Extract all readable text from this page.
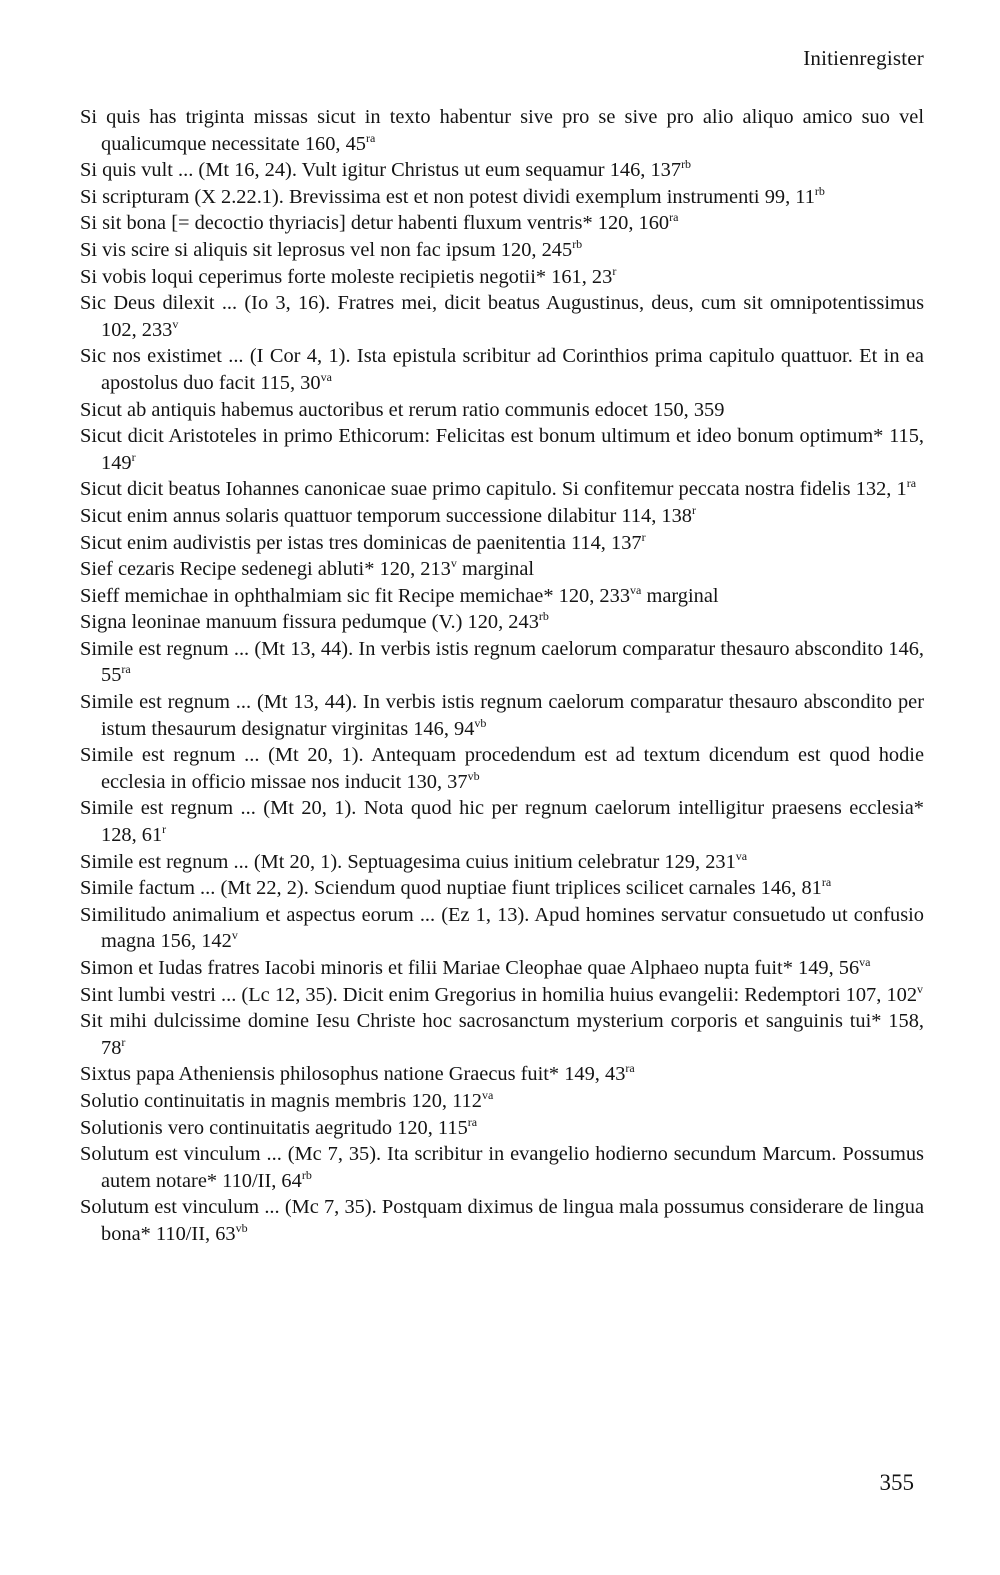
Initienregister
Si quis has triginta missas sicut in texto habentur sive pro se sive pro alio aliquo amico suo vel qualicumque necessitate 160, $45^{ra}$
Si quis vult ... (Mt 16, 24). Vult igitur Christus ut eum sequamur 146, $137^{rb}$
Si scripturam (X 2.22.1). Brevissima est et non potest dividi exemplum instrumenti 99, $11^{rb}$
Si sit bona [= decoctio thyriacis] detur habenti fluxum ventris* 120, $160^{ra}$
Si vis scire si aliquis sit leprosus vel non fac ipsum 120, $245^{rb}$
Si vobis loqui ceperimus forte moleste recipietis negotii* 161, 23$^r$
Sic Deus dilexit ... (Io 3, 16). Fratres mei, dicit beatus Augustinus, deus, cum sit omnipotentissimus 102, 233$^v$
Sic nos existimet ... (I Cor 4, 1). Ista epistula scribitur ad Corinthios prima capitulo quattuor. Et in ea apostolus duo facit 115, $30^{va}$
Sicut ab antiquis habemus auctoribus et rerum ratio communis edocet 150, 359
Sicut dicit Aristoteles in primo Ethicorum: Felicitas est bonum ultimum et ideo bonum optimum* 115, 149$^r$
Sicut dicit beatus Iohannes canonicae suae primo capitulo. Si confitemur peccata nostra fidelis 132, $1^{ra}$
Sicut enim annus solaris quattuor temporum successione dilabitur 114, 138$^r$
Sicut enim audivistis per istas tres dominicas de paenitentia 114, 137$^r$
Sief cezaris Recipe sedenegi abluti* 120, 213$^v$ marginal
Sieff memichae in ophthalmiam sic fit Recipe memichae* 120, $233^{va}$ marginal
Signa leoninae manuum fissura pedumque (V.) 120, $243^{rb}$
Simile est regnum ... (Mt 13, 44). In verbis istis regnum caelorum comparatur thesauro abscondito 146, $55^{ra}$
Simile est regnum ... (Mt 13, 44). In verbis istis regnum caelorum comparatur thesauro abscondito per istum thesaurum designatur virginitas 146, $94^{vb}$
Simile est regnum ... (Mt 20, 1). Antequam procedendum est ad textum dicendum est quod hodie ecclesia in officio missae nos inducit 130, $37^{vb}$
Simile est regnum ... (Mt 20, 1). Nota quod hic per regnum caelorum intelligitur praesens ecclesia* 128, 61$^r$
Simile est regnum ... (Mt 20, 1). Septuagesima cuius initium celebratur 129, $231^{va}$
Simile factum ... (Mt 22, 2). Sciendum quod nuptiae fiunt triplices scilicet carnales 146, $81^{ra}$
Similitudo animalium et aspectus eorum ... (Ez 1, 13). Apud homines servatur consuetudo ut confusio magna 156, 142$^v$
Simon et Iudas fratres Iacobi minoris et filii Mariae Cleophae quae Alphaeo nupta fuit* 149, $56^{va}$
Sint lumbi vestri ... (Lc 12, 35). Dicit enim Gregorius in homilia huius evangelii: Redemptori 107, 102$^v$
Sit mihi dulcissime domine Iesu Christe hoc sacrosanctum mysterium corporis et sanguinis tui* 158, 78$^r$
Sixtus papa Atheniensis philosophus natione Graecus fuit* 149, $43^{ra}$
Solutio continuitatis in magnis membris 120, $112^{va}$
Solutionis vero continuitatis aegritudo 120, $115^{ra}$
Solutum est vinculum ... (Mc 7, 35). Ita scribitur in evangelio hodierno secundum Marcum. Possumus autem notare* 110/II, $64^{rb}$
Solutum est vinculum ... (Mc 7, 35). Postquam diximus de lingua mala possumus considerare de lingua bona* 110/II, $63^{vb}$
355
